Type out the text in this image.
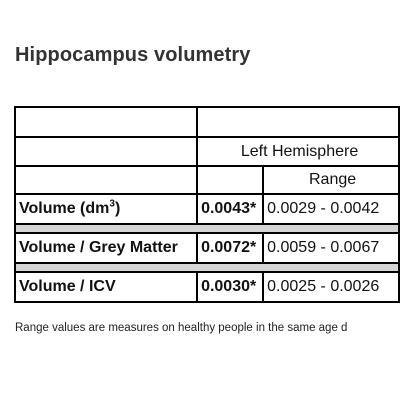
Hippocampus volumetry

	Left Hemisphere	
		Range
Volume $(dm^3)$	0.0043*	0.0029 - 0.0042

Volume / Grey Matter	0.0072*	0.0059 - 0.0067

Volume / ICV	0.0030*	0.0025 - 0.0026
Range values are measures on healthy people in the same age d
